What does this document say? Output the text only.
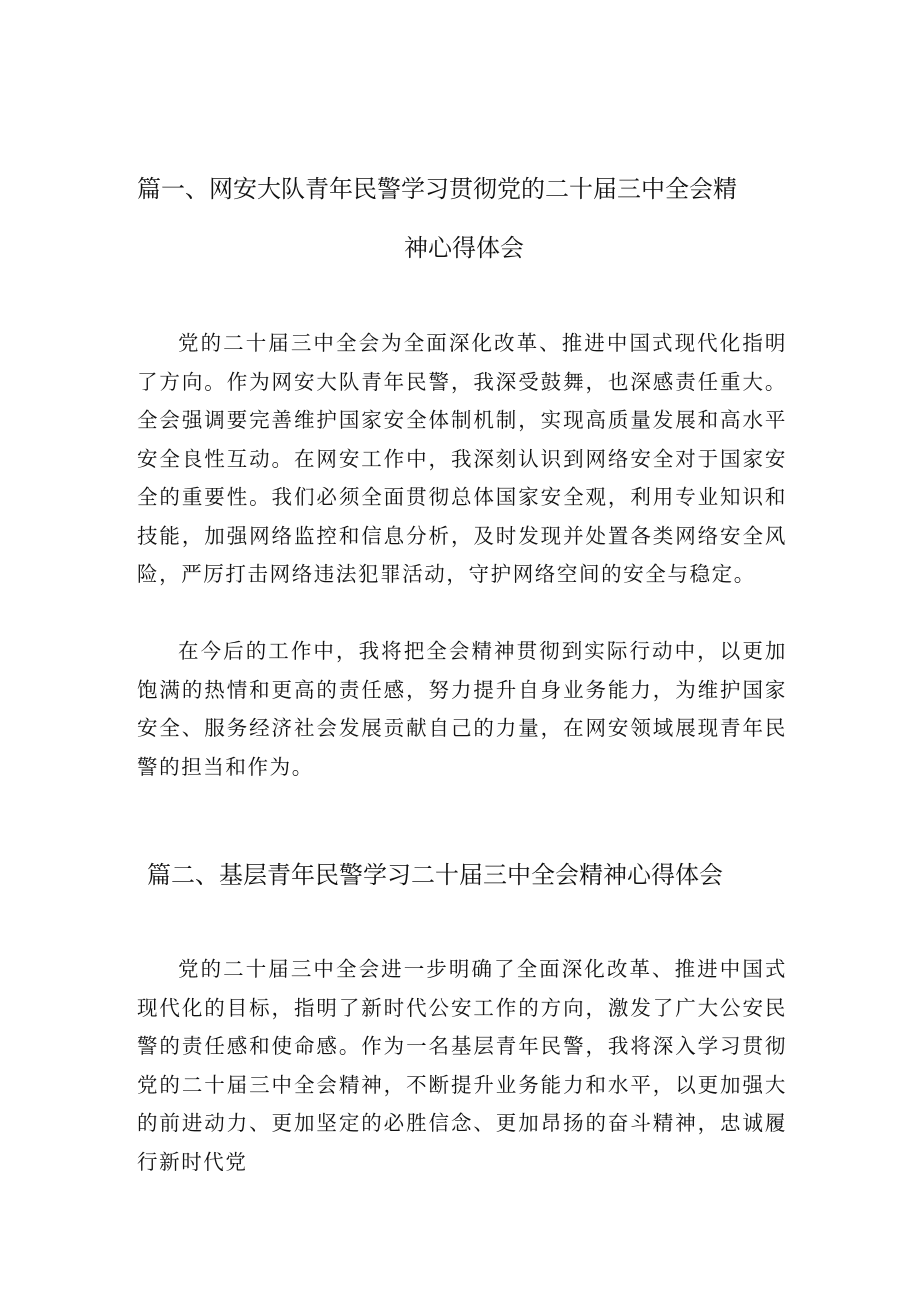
篇一、网安大队青年民警学习贯彻党的二十届三中全会精
神心得体会

党的二十届三中全会为全面深化改革、推进中国式现代化指明了方向。作为网安大队青年民警，我深受鼓舞，也深感责任重大。全会强调要完善维护国家安全体制机制，实现高质量发展和高水平安全良性互动。在网安工作中，我深刻认识到网络安全对于国家安全的重要性。我们必须全面贯彻总体国家安全观，利用专业知识和技能，加强网络监控和信息分析，及时发现并处置各类网络安全风险，严厉打击网络违法犯罪活动，守护网络空间的安全与稳定。

在今后的工作中，我将把全会精神贯彻到实际行动中，以更加饱满的热情和更高的责任感，努力提升自身业务能力，为维护国家安全、服务经济社会发展贡献自己的力量，在网安领域展现青年民警的担当和作为。

篇二、基层青年民警学习二十届三中全会精神心得体会

党的二十届三中全会进一步明确了全面深化改革、推进中国式现代化的目标，指明了新时代公安工作的方向，激发了广大公安民警的责任感和使命感。作为一名基层青年民警，我将深入学习贯彻党的二十届三中全会精神，不断提升业务能力和水平，以更加强大的前进动力、更加坚定的必胜信念、更加昂扬的奋斗精神，忠诚履行新时代党
